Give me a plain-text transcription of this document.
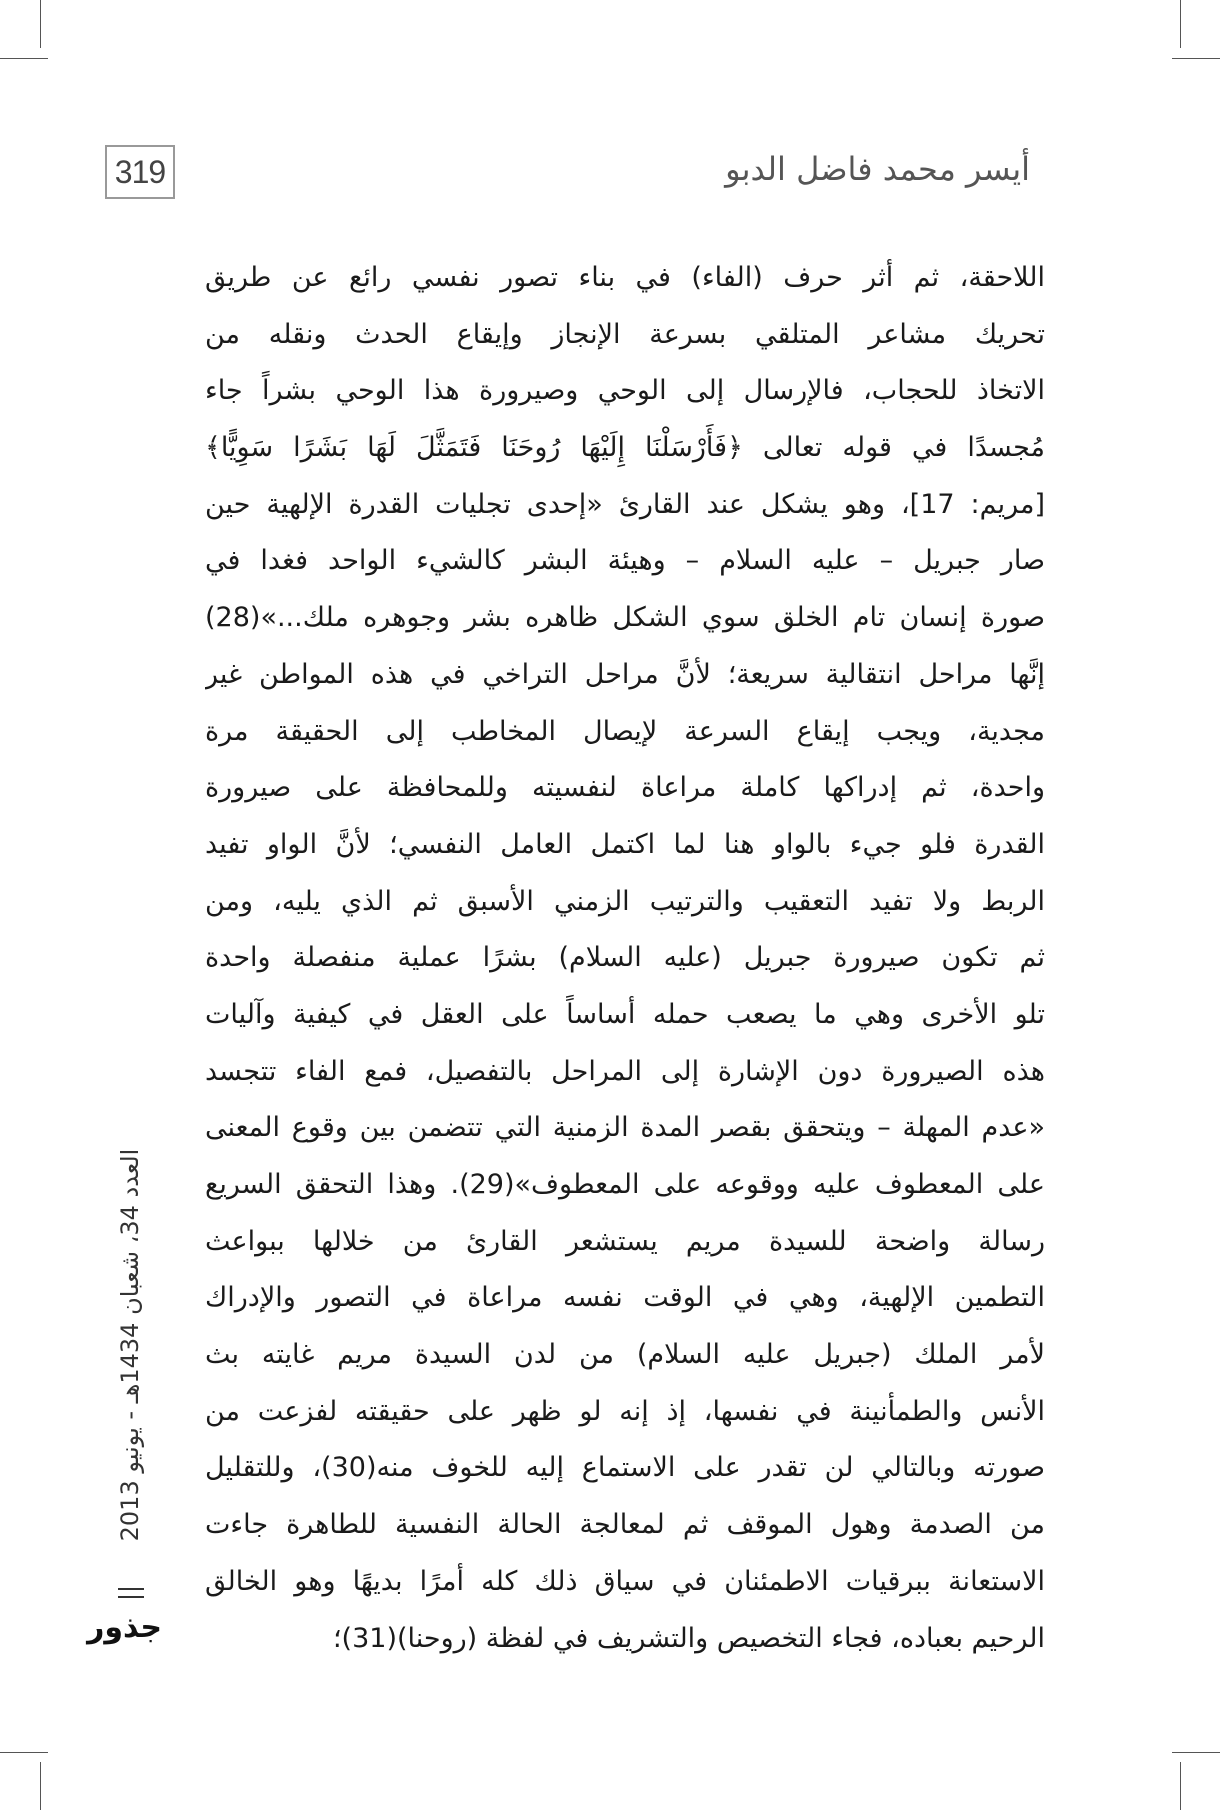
319	أيسر محمد فاضل الدبو
اللاحقة، ثم أثر حرف (الفاء) في بناء تصور نفسي رائع عن طريق
تحريك مشاعر المتلقي بسرعة الإنجاز وإيقاع الحدث ونقله من
الاتخاذ للحجاب، فالإرسال إلى الوحي وصيرورة هذا الوحي بشراً جاء
مُجسدًا في قوله تعالى ﴿فَأَرْسَلْنَا إِلَيْهَا رُوحَنَا فَتَمَثَّلَ لَهَا بَشَرًا سَوِيًّا﴾
[مريم: 17]، وهو يشكل عند القارئ «إحدى تجليات القدرة الإلهية حين
صار جبريل – عليه السلام – وهيئة البشر كالشيء الواحد فغدا في
صورة إنسان تام الخلق سوي الشكل ظاهره بشر وجوهره ملك...»(28)
إنَّها مراحل انتقالية سريعة؛ لأنَّ مراحل التراخي في هذه المواطن غير
مجدية، ويجب إيقاع السرعة لإيصال المخاطب إلى الحقيقة مرة
واحدة، ثم إدراكها كاملة مراعاة لنفسيته وللمحافظة على صيرورة
القدرة فلو جيء بالواو هنا لما اكتمل العامل النفسي؛ لأنَّ الواو تفيد
الربط ولا تفيد التعقيب والترتيب الزمني الأسبق ثم الذي يليه، ومن
ثم تكون صيرورة جبريل (عليه السلام) بشرًا عملية منفصلة واحدة
تلو الأخرى وهي ما يصعب حمله أساساً على العقل في كيفية وآليات
هذه الصيرورة دون الإشارة إلى المراحل بالتفصيل، فمع الفاء تتجسد
«عدم المهلة – ويتحقق بقصر المدة الزمنية التي تتضمن بين وقوع المعنى
على المعطوف عليه ووقوعه على المعطوف»(29). وهذا التحقق السريع
رسالة واضحة للسيدة مريم يستشعر القارئ من خلالها ببواعث
التطمين الإلهية، وهي في الوقت نفسه مراعاة في التصور والإدراك
لأمر الملك (جبريل عليه السلام) من لدن السيدة مريم غايته بث
الأنس والطمأنينة في نفسها، إذ إنه لو ظهر على حقيقته لفزعت من
صورته وبالتالي لن تقدر على الاستماع إليه للخوف منه(30)، وللتقليل
من الصدمة وهول الموقف ثم لمعالجة الحالة النفسية للطاهرة جاءت
الاستعانة ببرقيات الاطمئنان في سياق ذلك كله أمرًا بديهًا وهو الخالق
الرحيم بعباده، فجاء التخصيص والتشريف في لفظة (روحنا)(31)؛
العدد 34، شعبان 1434هـ - يونيو 2013
جذور
